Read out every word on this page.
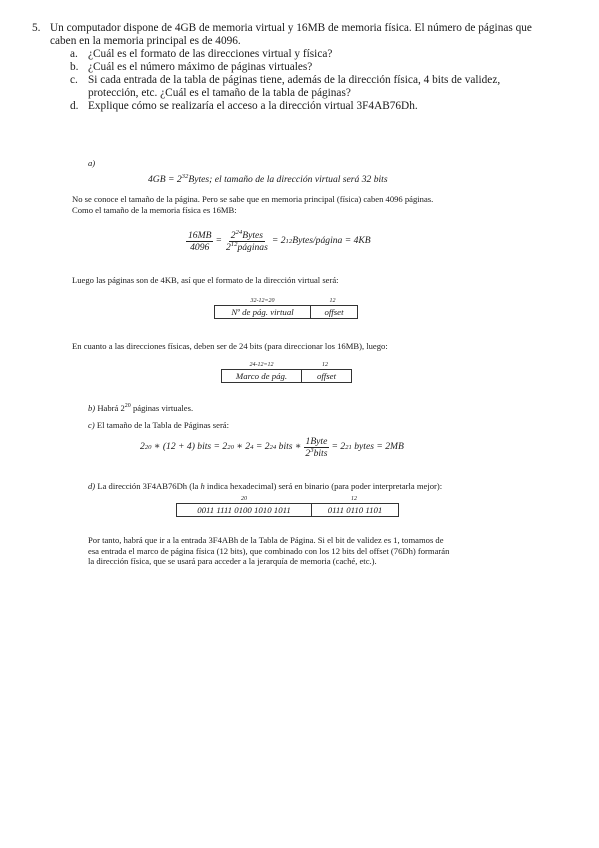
5. Un computador dispone de 4GB de memoria virtual y 16MB de memoria física. El número de páginas que
caben en la memoria principal es de 4096.
a. ¿Cuál es el formato de las direcciones virtual y física?
b. ¿Cuál es el número máximo de páginas virtuales?
c. Si cada entrada de la tabla de páginas tiene, además de la dirección física, 4 bits de validez,
protección, etc. ¿Cuál es el tamaño de la tabla de páginas?
d. Explique cómo se realizaría el acceso a la dirección virtual 3F4AB76Dh.
a)
$4GB = 2^{32}Bytes$; el tamaño de la dirección virtual será 32 bits
No se conoce el tamaño de la página. Pero se sabe que en memoria principal (física) caben 4096 páginas.
Como el tamaño de la memoria física es 16MB:
$\frac{16MB}{4096} = \frac{2^{24}Bytes}{2^{12}páginas} = 2$ 12 Bytes/página = 4KB
Luego las páginas son de 4KB, así que el formato de la dirección virtual será:
32-12=20	12
Nº de pág. virtual	offset
En cuanto a las direcciones físicas, deben ser de 24 bits (para direccionar los 16MB), luego:
24-12=12	12
Marco de pág.	offset
b) Habrá $2^{20}$ páginas virtuales.
c) El tamaño de la Tabla de Páginas será:
2 20
∗ (12 + 4) bits = 2 20
∗ 2 4
= 2 24
bits ∗ $\frac{\text{1Byte}}{2^3bits} = 2$ 21
bytes = 2MB
d) La dirección 3F4AB76Dh (la h indica hexadecimal) será en binario (para poder interpretarla mejor):
20	12
0011 1111 0100 1010 1011	0111 0110 1101
Por tanto, habrá que ir a la entrada 3F4ABh de la Tabla de Página. Si el bit de validez es 1, tomamos de
esa entrada el marco de página física (12 bits), que combinado con los 12 bits del offset (76Dh) formarán
la dirección física, que se usará para acceder a la jerarquía de memoria (caché, etc.).
